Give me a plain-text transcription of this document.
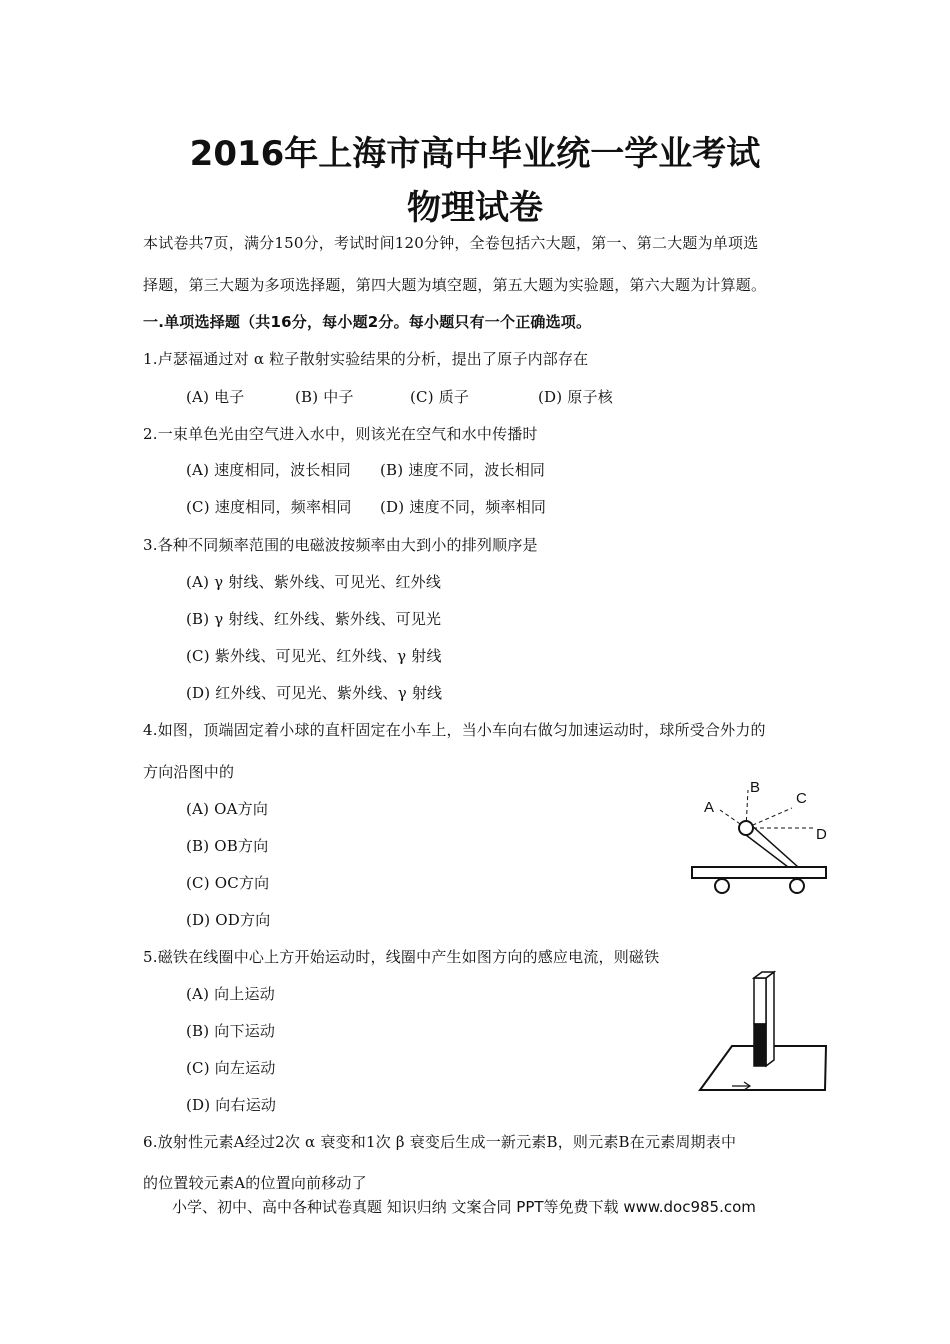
2016年上海市高中毕业统一学业考试
物理试卷
本试卷共7页，满分150分，考试时间120分钟，全卷包括六大题，第一、第二大题为单项选
择题，第三大题为多项选择题，第四大题为填空题，第五大题为实验题，第六大题为计算题。
一.单项选择题（共16分，每小题2分。每小题只有一个正确选项。
1.卢瑟福通过对 α 粒子散射实验结果的分析，提出了原子内部存在
(A) 电子	(B) 中子	(C) 质子	(D) 原子核
2.一束单色光由空气进入水中，则该光在空气和水中传播时
(A) 速度相同，波长相同 (B) 速度不同，波长相同
(C) 速度相同，频率相同 (D) 速度不同，频率相同
3.各种不同频率范围的电磁波按频率由大到小的排列顺序是
(A) γ 射线、紫外线、可见光、红外线
(B) γ 射线、红外线、紫外线、可见光
(C) 紫外线、可见光、红外线、γ 射线
(D) 红外线、可见光、紫外线、γ 射线
4.如图，顶端固定着小球的直杆固定在小车上，当小车向右做匀加速运动时，球所受合外力的
方向沿图中的
(A) OA方向
(B) OB方向
(C) OC方向
(D) OD方向
A
B
C
D
5.磁铁在线圈中心上方开始运动时，线圈中产生如图方向的感应电流，则磁铁
(A) 向上运动
(B) 向下运动
(C) 向左运动
(D) 向右运动
6.放射性元素A经过2次 α 衰变和1次 β 衰变后生成一新元素B，则元素B在元素周期表中
的位置较元素A的位置向前移动了
小学、初中、高中各种试卷真题 知识归纳 文案合同 PPT等免费下载 www.doc985.com
